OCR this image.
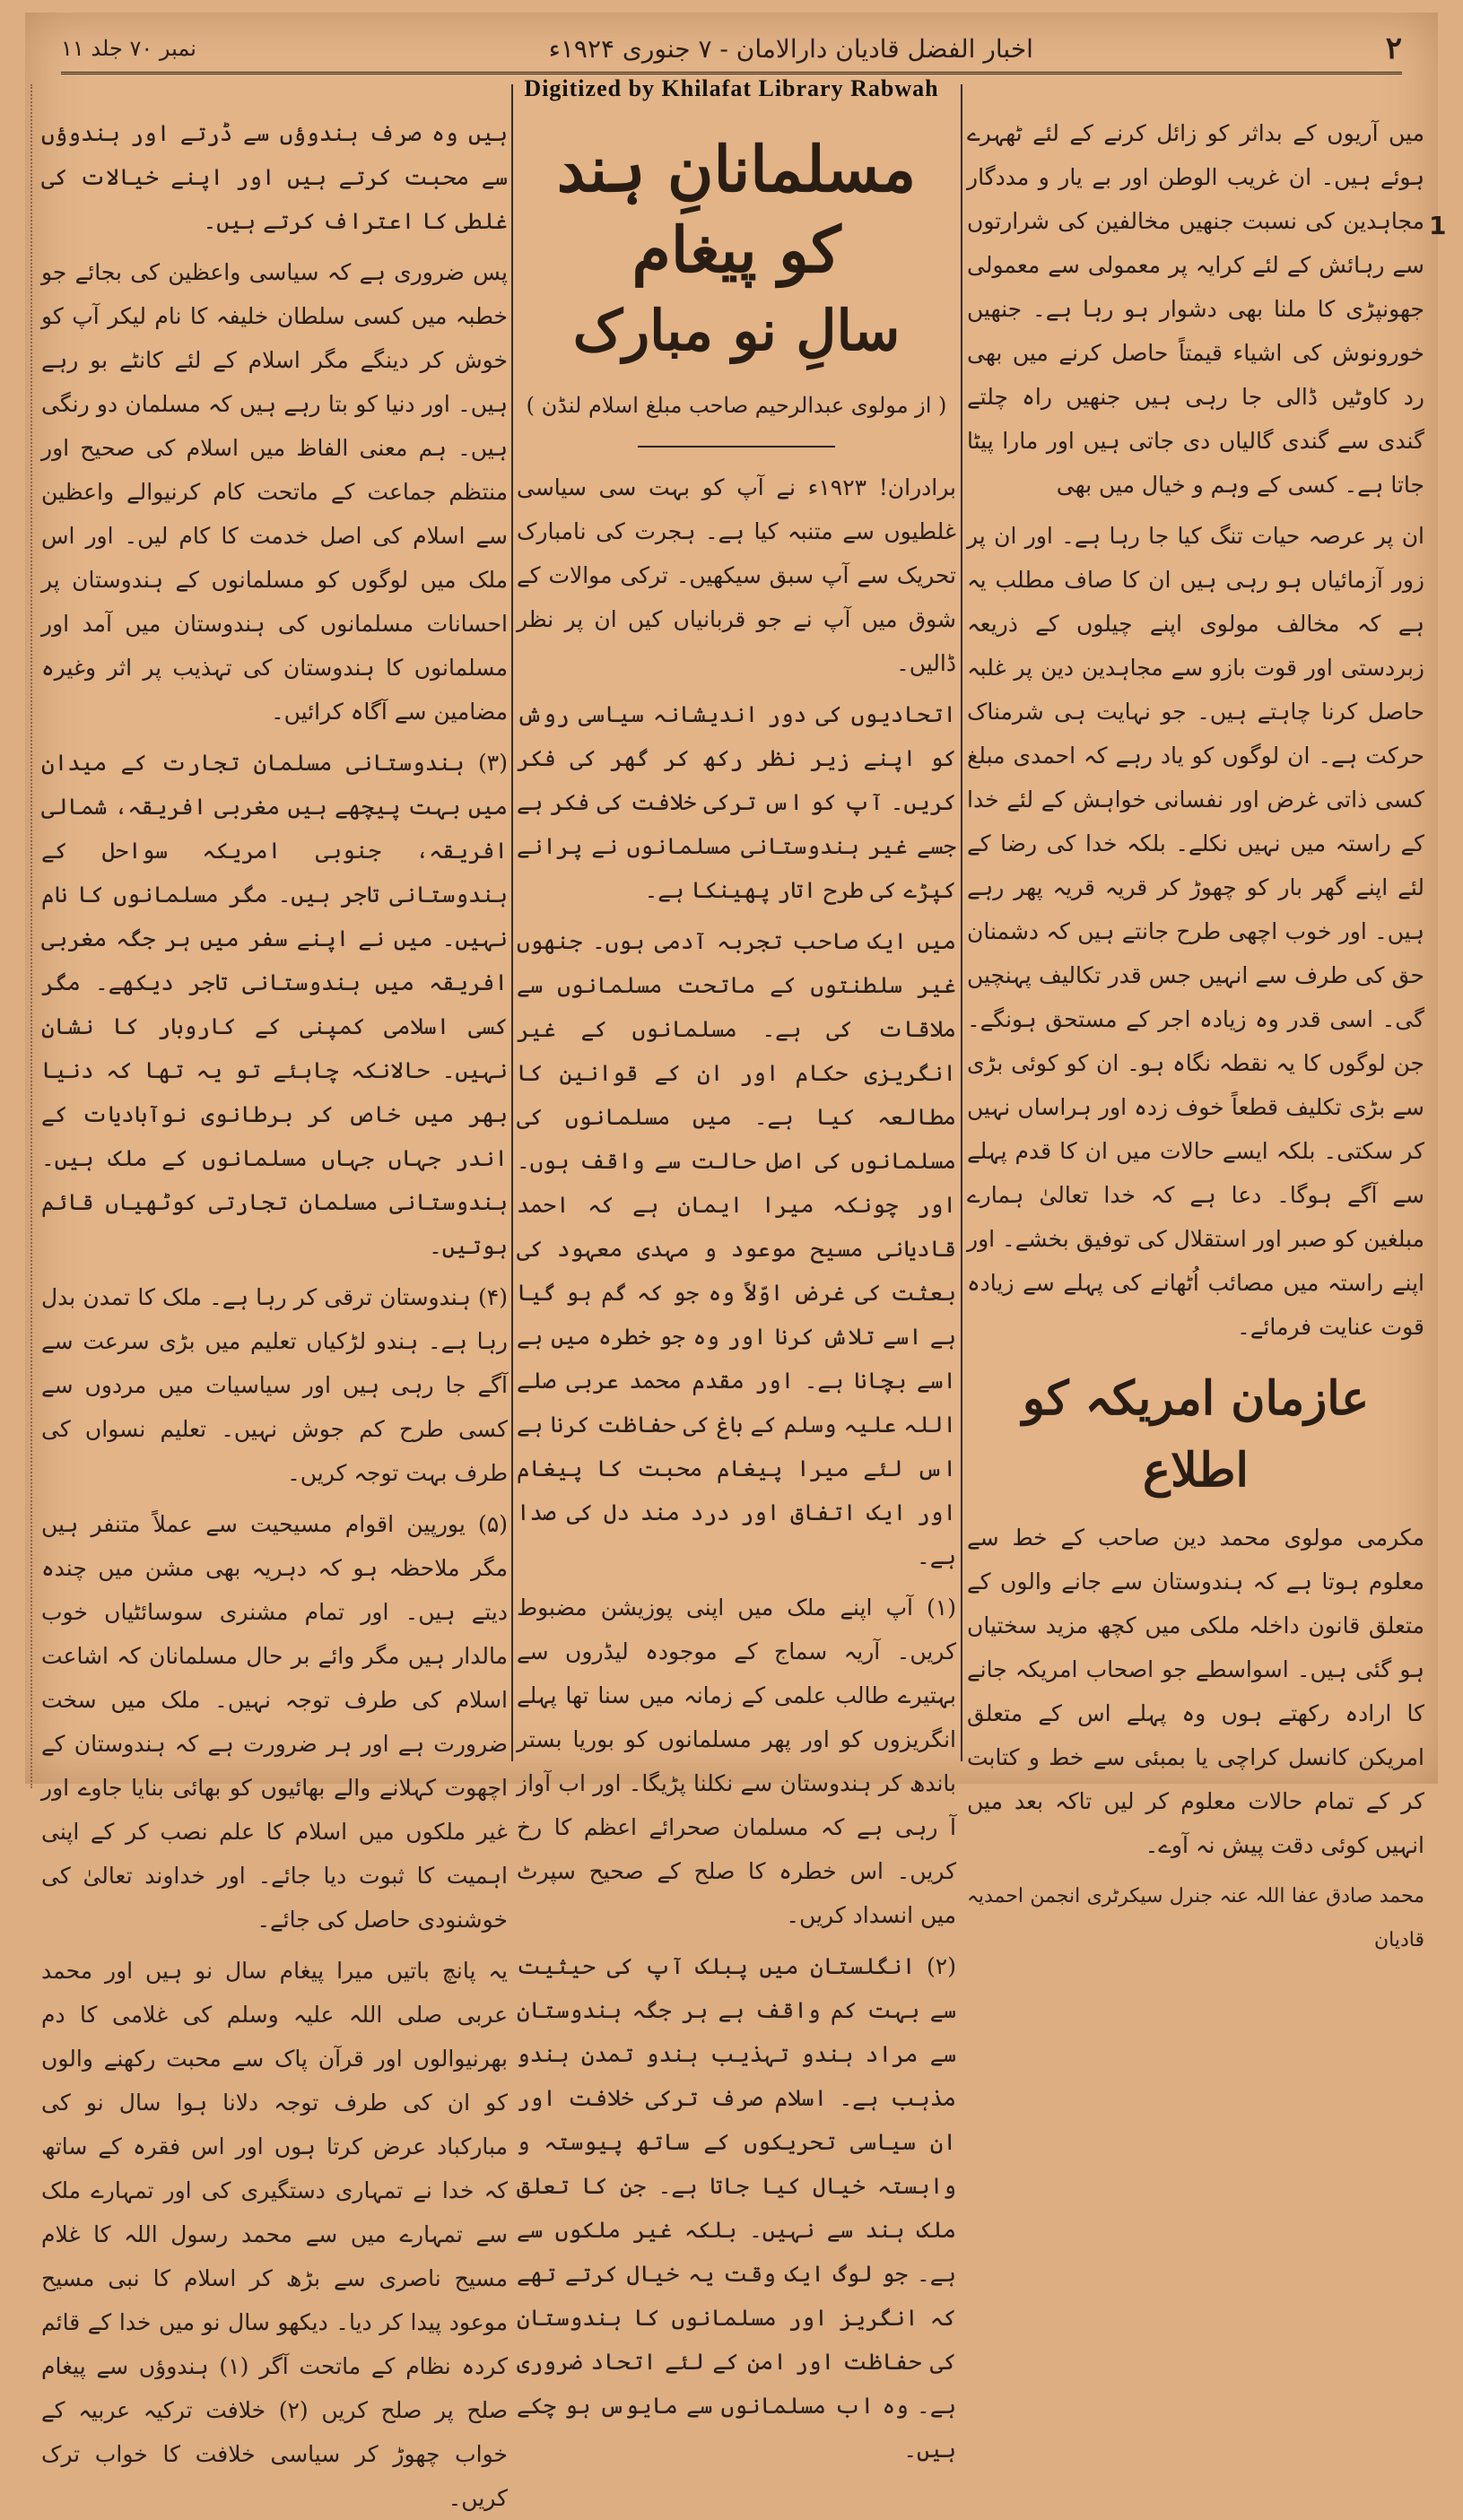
۲
اخبار الفضل قادیان دارالامان - ۷ جنوری ۱۹۲۴ء
نمبر ۷۰ جلد ۱۱
Digitized by Khilafat Library Rabwah

میں آریوں کے بداثر کو زائل کرنے کے لئے ٹھہرے ہوئے ہیں۔ ان غریب الوطن اور بے یار و مددگار مجاہدین کی نسبت جنھیں مخالفین کی شرارتوں سے رہائش کے لئے کرایہ پر معمولی سے معمولی جھونپڑی کا ملنا بھی دشوار ہو رہا ہے۔ جنھیں خورونوش کی اشیاء قیمتاً حاصل کرنے میں بھی رد کاوٹیں ڈالی جا رہی ہیں جنھیں راہ چلتے گندی سے گندی گالیاں دی جاتی ہیں اور مارا پیٹا جاتا ہے۔ کسی کے وہم و خیال میں بھی

ان پر عرصہ حیات تنگ کیا جا رہا ہے۔ اور ان پر زور آزمائیاں ہو رہی ہیں ان کا صاف مطلب یہ ہے کہ مخالف مولوی اپنے چیلوں کے ذریعہ زبردستی اور قوت بازو سے مجاہدین دین پر غلبہ حاصل کرنا چاہتے ہیں۔ جو نہایت ہی شرمناک حرکت ہے۔ ان لوگوں کو یاد رہے کہ احمدی مبلغ کسی ذاتی غرض اور نفسانی خواہش کے لئے خدا کے راستہ میں نہیں نکلے۔ بلکہ خدا کی رضا کے لئے اپنے گھر بار کو چھوڑ کر قریہ قریہ پھر رہے ہیں۔ اور خوب اچھی طرح جانتے ہیں کہ دشمنان حق کی طرف سے انہیں جس قدر تکالیف پہنچیں گی۔ اسی قدر وہ زیادہ اجر کے مستحق ہونگے۔ جن لوگوں کا یہ نقطہ نگاہ ہو۔ ان کو کوئی بڑی سے بڑی تکلیف قطعاً خوف زدہ اور ہراساں نہیں کر سکتی۔ بلکہ ایسے حالات میں ان کا قدم پہلے سے آگے ہوگا۔ دعا ہے کہ خدا تعالیٰ ہمارے مبلغین کو صبر اور استقلال کی توفیق بخشے۔ اور اپنے راستہ میں مصائب اُٹھانے کی پہلے سے زیادہ قوت عنایت فرمائے۔

عازمان امریکہ کو اطلاع

مکرمی مولوی محمد دین صاحب کے خط سے معلوم ہوتا ہے کہ ہندوستان سے جانے والوں کے متعلق قانون داخلہ ملکی میں کچھ مزید سختیاں ہو گئی ہیں۔ اسواسطے جو اصحاب امریکہ جانے کا ارادہ رکھتے ہوں وہ پہلے اس کے متعلق امریکن کانسل کراچی یا بمبئی سے خط و کتابت کر کے تمام حالات معلوم کر لیں تاکہ بعد میں انہیں کوئی دقت پیش نہ آوے۔

محمد صادق عفا اللہ عنہ جنرل سیکرٹری انجمن احمدیہ قادیان

مسلمانانِ ہند کو پیغام
سالِ نو مبارک
( از مولوی عبدالرحیم صاحب مبلغ اسلام لنڈن )

برادران! ۱۹۲۳ء نے آپ کو بہت سی سیاسی غلطیوں سے متنبہ کیا ہے۔ ہجرت کی نامبارک تحریک سے آپ سبق سیکھیں۔ ترکی موالات کے شوق میں آپ نے جو قربانیاں کیں ان پر نظر ڈالیں۔

اتحادیوں کی دور اندیشانہ سیاسی روش کو اپنے زیر نظر رکھ کر گھر کی فکر کریں۔ آپ کو اس ترکی خلافت کی فکر ہے جسے غیر ہندوستانی مسلمانوں نے پرانے کپڑے کی طرح اتار پھینکا ہے۔

میں ایک صاحب تجربہ آدمی ہوں۔ جنھوں غیر سلطنتوں کے ماتحت مسلمانوں سے ملاقات کی ہے۔ مسلمانوں کے غیر انگریزی حکام اور ان کے قوانین کا مطالعہ کیا ہے۔ میں مسلمانوں کی مسلمانوں کی اصل حالت سے واقف ہوں۔ اور چونکہ میرا ایمان ہے کہ احمد قادیانی مسیح موعود و مہدی معہود کی بعثت کی غرض اوّلاً وہ جو کہ گم ہو گیا ہے اسے تلاش کرنا اور وہ جو خطرہ میں ہے اسے بچانا ہے۔ اور مقدم محمد عربی صلے اللہ علیہ وسلم کے باغ کی حفاظت کرنا ہے اس لئے میرا پیغام محبت کا پیغام اور ایک اتفاق اور درد مند دل کی صدا ہے۔

(۱) آپ اپنے ملک میں اپنی پوزیشن مضبوط کریں۔ آریہ سماج کے موجودہ لیڈروں سے بہتیرے طالب علمی کے زمانہ میں سنا تھا پہلے انگریزوں کو اور پھر مسلمانوں کو بوریا بستر باندھ کر ہندوستان سے نکلنا پڑیگا۔ اور اب آواز آ رہی ہے کہ مسلمان صحرائے اعظم کا رخ کریں۔ اس خطرہ کا صلح کے صحیح سپرٹ میں انسداد کریں۔

(۲) انگلستان میں پبلک آپ کی حیثیت سے بہت کم واقف ہے ہر جگہ ہندوستان سے مراد ہندو تہذیب ہندو تمدن ہندو مذہب ہے۔ اسلام صرف ترکی خلافت اور ان سیاسی تحریکوں کے ساتھ پیوستہ و وابستہ خیال کیا جاتا ہے۔ جن کا تعلق ملک ہند سے نہیں۔ بلکہ غیر ملکوں سے ہے۔ جو لوگ ایک وقت یہ خیال کرتے تھے کہ انگریز اور مسلمانوں کا ہندوستان کی حفاظت اور امن کے لئے اتحاد ضروری ہے۔ وہ اب مسلمانوں سے مایوس ہو چکے ہیں۔

ہیں وہ صرف ہندوؤں سے ڈرتے اور ہندوؤں سے محبت کرتے ہیں اور اپنے خیالات کی غلطی کا اعتراف کرتے ہیں۔

پس ضروری ہے کہ سیاسی واعظین کی بجائے جو خطبہ میں کسی سلطان خلیفہ کا نام لیکر آپ کو خوش کر دینگے مگر اسلام کے لئے کانٹے بو رہے ہیں۔ اور دنیا کو بتا رہے ہیں کہ مسلمان دو رنگی ہیں۔ ہم معنی الفاظ میں اسلام کی صحیح اور منتظم جماعت کے ماتحت کام کرنیوالے واعظین سے اسلام کی اصل خدمت کا کام لیں۔ اور اس ملک میں لوگوں کو مسلمانوں کے ہندوستان پر احسانات مسلمانوں کی ہندوستان میں آمد اور مسلمانوں کا ہندوستان کی تہذیب پر اثر وغیرہ مضامین سے آگاہ کرائیں۔

(۳) ہندوستانی مسلمان تجارت کے میدان میں بہت پیچھے ہیں مغربی افریقہ، شمالی افریقہ، جنوبی امریکہ سواحل کے ہندوستانی تاجر ہیں۔ مگر مسلمانوں کا نام نہیں۔ میں نے اپنے سفر میں ہر جگہ مغربی افریقہ میں ہندوستانی تاجر دیکھے۔ مگر کسی اسلامی کمپنی کے کاروبار کا نشان نہیں۔ حالانکہ چاہئے تو یہ تھا کہ دنیا بھر میں خاص کر برطانوی نوآبادیات کے اندر جہاں جہاں مسلمانوں کے ملک ہیں۔ ہندوستانی مسلمان تجارتی کوٹھیاں قائم ہوتیں۔

(۴) ہندوستان ترقی کر رہا ہے۔ ملک کا تمدن بدل رہا ہے۔ ہندو لڑکیاں تعلیم میں بڑی سرعت سے آگے جا رہی ہیں اور سیاسیات میں مردوں سے کسی طرح کم جوش نہیں۔ تعلیم نسواں کی طرف بہت توجہ کریں۔

(۵) یورپین اقوام مسیحیت سے عملاً متنفر ہیں مگر ملاحظہ ہو کہ دہریہ بھی مشن میں چندہ دیتے ہیں۔ اور تمام مشنری سوسائٹیاں خوب مالدار ہیں مگر وائے بر حال مسلمانان کہ اشاعت اسلام کی طرف توجہ نہیں۔ ملک میں سخت ضرورت ہے اور ہر ضرورت ہے کہ ہندوستان کے اچھوت کہلانے والے بھائیوں کو بھائی بنایا جاوے اور غیر ملکوں میں اسلام کا علم نصب کر کے اپنی اہمیت کا ثبوت دیا جائے۔ اور خداوند تعالیٰ کی خوشنودی حاصل کی جائے۔

یہ پانچ باتیں میرا پیغام سال نو ہیں اور محمد عربی صلی اللہ علیہ وسلم کی غلامی کا دم بھرنیوالوں اور قرآن پاک سے محبت رکھنے والوں کو ان کی طرف توجہ دلانا ہوا سال نو کی مبارکباد عرض کرتا ہوں اور اس فقرہ کے ساتھ کہ خدا نے تمہاری دستگیری کی اور تمہارے ملک سے تمہارے میں سے محمد رسول اللہ کا غلام مسیح ناصری سے بڑھ کر اسلام کا نبی مسیح موعود پیدا کر دیا۔ دیکھو سال نو میں خدا کے قائم کردہ نظام کے ماتحت آگر (۱) ہندوؤں سے پیغام صلح پر صلح کریں (۲) خلافت ترکیہ عربیہ کے خواب چھوڑ کر سیاسی خلافت کا خواب ترک کریں۔

1
